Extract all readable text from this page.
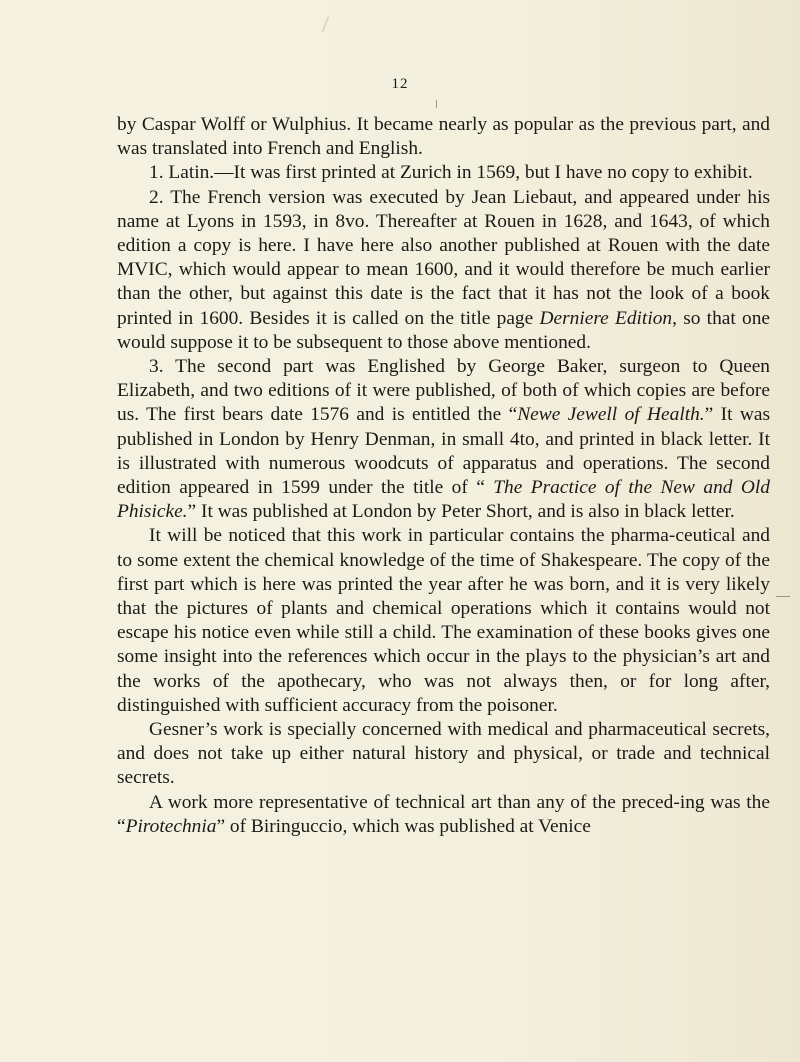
12

by Caspar Wolff or Wulphius. It became nearly as popular as the previous part, and was translated into French and English.

1. Latin.—It was first printed at Zurich in 1569, but I have no copy to exhibit.

2. The French version was executed by Jean Liebaut, and appeared under his name at Lyons in 1593, in 8vo. Thereafter at Rouen in 1628, and 1643, of which edition a copy is here. I have here also another published at Rouen with the date MVIC, which would appear to mean 1600, and it would therefore be much earlier than the other, but against this date is the fact that it has not the look of a book printed in 1600. Besides it is called on the title page Derniere Edition, so that one would suppose it to be subsequent to those above mentioned.

3. The second part was Englished by George Baker, surgeon to Queen Elizabeth, and two editions of it were published, of both of which copies are before us. The first bears date 1576 and is entitled the “Newe Jewell of Health.” It was published in London by Henry Denman, in small 4to, and printed in black letter. It is illustrated with numerous woodcuts of apparatus and operations. The second edition appeared in 1599 under the title of “ The Practice of the New and Old Phisicke.” It was published at London by Peter Short, and is also in black letter.

It will be noticed that this work in particular contains the pharma-ceutical and to some extent the chemical knowledge of the time of Shakespeare. The copy of the first part which is here was printed the year after he was born, and it is very likely that the pictures of plants and chemical operations which it contains would not escape his notice even while still a child. The examination of these books gives one some insight into the references which occur in the plays to the physician’s art and the works of the apothecary, who was not always then, or for long after, distinguished with sufficient accuracy from the poisoner.

Gesner’s work is specially concerned with medical and pharmaceutical secrets, and does not take up either natural history and physical, or trade and technical secrets.

A work more representative of technical art than any of the preced-ing was the “Pirotechnia” of Biringuccio, which was published at Venice
